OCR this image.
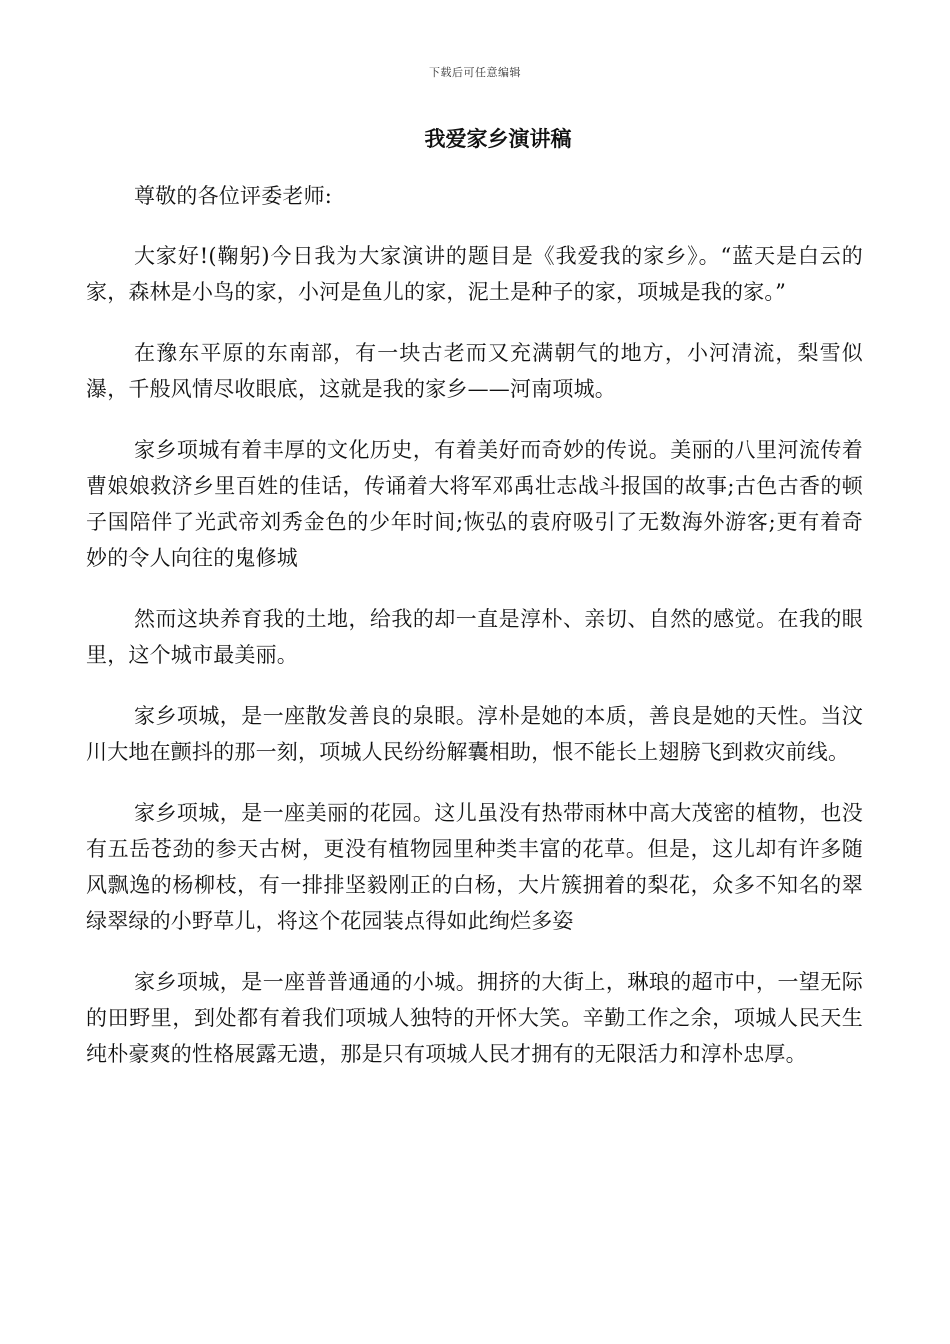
下载后可任意编辑
我爱家乡演讲稿

尊敬的各位评委老师:

大家好!(鞠躬)今日我为大家演讲的题目是《我爱我的家乡》。“蓝天是白云的家，森林是小鸟的家，小河是鱼儿的家，泥土是种子的家，项城是我的家。”

在豫东平原的东南部，有一块古老而又充满朝气的地方，小河清流，梨雪似瀑，千般风情尽收眼底，这就是我的家乡——河南项城。

家乡项城有着丰厚的文化历史，有着美好而奇妙的传说。美丽的八里河流传着曹娘娘救济乡里百姓的佳话，传诵着大将军邓禹壮志战斗报国的故事;古色古香的顿子国陪伴了光武帝刘秀金色的少年时间;恢弘的袁府吸引了无数海外游客;更有着奇妙的令人向往的鬼修城

然而这块养育我的土地，给我的却一直是淳朴、亲切、自然的感觉。在我的眼里，这个城市最美丽。

家乡项城，是一座散发善良的泉眼。淳朴是她的本质，善良是她的天性。当汶川大地在颤抖的那一刻，项城人民纷纷解囊相助，恨不能长上翅膀飞到救灾前线。

家乡项城，是一座美丽的花园。这儿虽没有热带雨林中高大茂密的植物，也没有五岳苍劲的参天古树，更没有植物园里种类丰富的花草。但是，这儿却有许多随风飘逸的杨柳枝，有一排排坚毅刚正的白杨，大片簇拥着的梨花，众多不知名的翠绿翠绿的小野草儿，将这个花园装点得如此绚烂多姿

家乡项城，是一座普普通通的小城。拥挤的大街上，琳琅的超市中，一望无际的田野里，到处都有着我们项城人独特的开怀大笑。辛勤工作之余，项城人民天生纯朴豪爽的性格展露无遗，那是只有项城人民才拥有的无限活力和淳朴忠厚。
